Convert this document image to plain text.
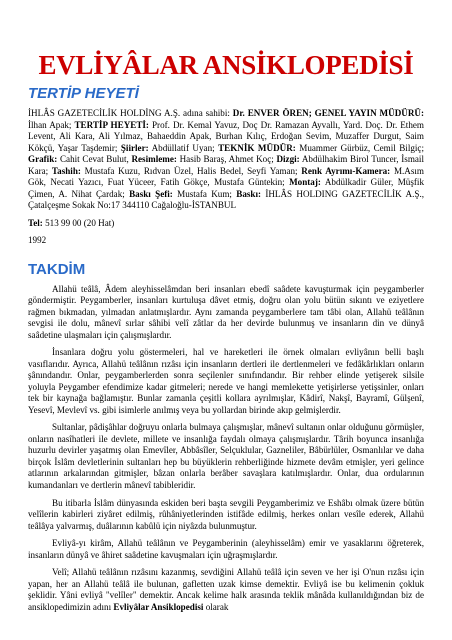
EVLİYÂLAR ANSİKLOPEDİSİ
TERTİP HEYETİ

İHLÂS GAZETECİLİK HOLDİNG A.Ş. adına sahibi: Dr. ENVER ÖREN; GENEL YAYIN MÜDÜRÜ: İlhan Apak; TERTİP HEYETİ: Prof. Dr. Kemal Yavuz, Doç Dr. Ramazan Ayvallı, Yard. Doç. Dr. Ethem Levent, Ali Kara, Ali Yılmaz, Bahaeddin Apak, Burhan Kılıç, Erdoğan Sevim, Muzaffer Durgut, Saim Kökçü, Yaşar Taşdemir; Şiirler: Abdüllatif Uyan; TEKNİK MÜDÜR: Muammer Gürbüz, Cemil Bilgiç; Grafik: Cahit Cevat Bulut, Resimleme: Hasib Baraş, Ahmet Koç; Dizgi: Abdülhakim Birol Tuncer, İsmail Kara; Tashih: Mustafa Kuzu, Rıdvan Üzel, Halis Bedel, Seyfi Yaman; Renk Ayrımı-Kamera: M.Asım Gök, Necati Yazıcı, Fuat Yüceer, Fatih Gökçe, Mustafa Güntekin; Montaj: Abdülkadir Güler, Müşfik Çimen, A. Nihat Çardak; Baskı Şefi: Mustafa Kum; Baskı: İHLÂS HOLDING GAZETECİLİK A.Ş., Çatalçeşme Sokak No:17 344110 Cağaloğlu-İSTANBUL

Tel: 513 99 00 (20 Hat)

1992

TAKDİM

Allahü teâlâ, Âdem aleyhisselâmdan beri insanları ebedî saâdete kavuşturmak için peygamberler göndermiştir. Peygamberler, insanları kurtuluşa dâvet etmiş, doğru olan yolu bütün sıkıntı ve eziyetlere rağmen bıkmadan, yılmadan anlatmışlardır. Aynı zamanda peygamberlere tam tâbi olan, Allahü teâlânın sevgisi ile dolu, mânevî sırlar sâhibi velî zâtlar da her devirde bulunmuş ve insanların din ve dünyâ saâdetine ulaşmaları için çalışmışlardır.

İnsanlara doğru yolu göstermeleri, hal ve hareketleri ile örnek olmaları evliyânın belli başlı vasıflarıdır. Ayrıca, Allahü teâlânın rızâsı için insanların dertleri ile dertlenmeleri ve fedâkârlıkları onların şânındandır. Onlar, peygamberlerden sonra seçilenler sınıfındandır. Bir rehber elinde yetişerek silsile yoluyla Peygamber efendimize kadar gitmeleri; nerede ve hangi memlekette yetişirlerse yetişsinler, onları tek bir kaynağa bağlamıştır. Bunlar zamanla çeşitli kollara ayrılmışlar, Kâdirî, Nakşî, Bayramî, Gülşenî, Yesevî, Mevlevî vs. gibi isimlerle anılmış veya bu yollardan birinde akıp gelmişlerdir.

Sultanlar, pâdişâhlar doğruyu onlarla bulmaya çalışmışlar, mânevî sultanın onlar olduğunu görmüşler, onların nasîhatleri ile devlete, millete ve insanlığa faydalı olmaya çalışmışlardır. Târih boyunca insanlığa huzurlu devirler yaşatmış olan Emevîler, Abbâsîler, Selçuklular, Gazneliler, Bâbürlüler, Osmanlılar ve daha birçok İslâm devletlerinin sultanları hep bu büyüklerin rehberliğinde hizmete devâm etmişler, yeri gelince atlarının arkalarından gitmişler, bâzan onlarla berâber savaşlara katılmışlardır. Onlar, dua ordularının kumandanları ve dertlerin mânevî tabibleridir.

Bu itibarla İslâm dünyasında eskiden beri başta sevgili Peygamberimiz ve Eshâbı olmak üzere bütün velîlerin kabirleri ziyâret edilmiş, rûhâniyetlerinden istifâde edilmiş, herkes onları vesîle ederek, Allahü teâlâya yalvarmış, duâlarının kabûlü için niyâzda bulunmuştur.

Evliyâ-yı kirâm, Allahü teâlânın ve Peygamberinin (aleyhisselâm) emir ve yasaklarını öğreterek, insanların dünyâ ve âhiret saâdetine kavuşmaları için uğraşmışlardır.

Velî; Allahü teâlânın rızâsını kazanmış, sevdiğini Allahü teâlâ için seven ve her işi O'nun rızâsı için yapan, her an Allahü teâlâ ile bulunan, gafletten uzak kimse demektir. Evliyâ ise bu kelimenin çokluk şeklidir. Yâni evliyâ "velîler" demektir. Ancak kelime halk arasında teklik mânâda kullanıldığından biz de ansiklopedimizin adını Evliyâlar Ansiklopedisi olarak
